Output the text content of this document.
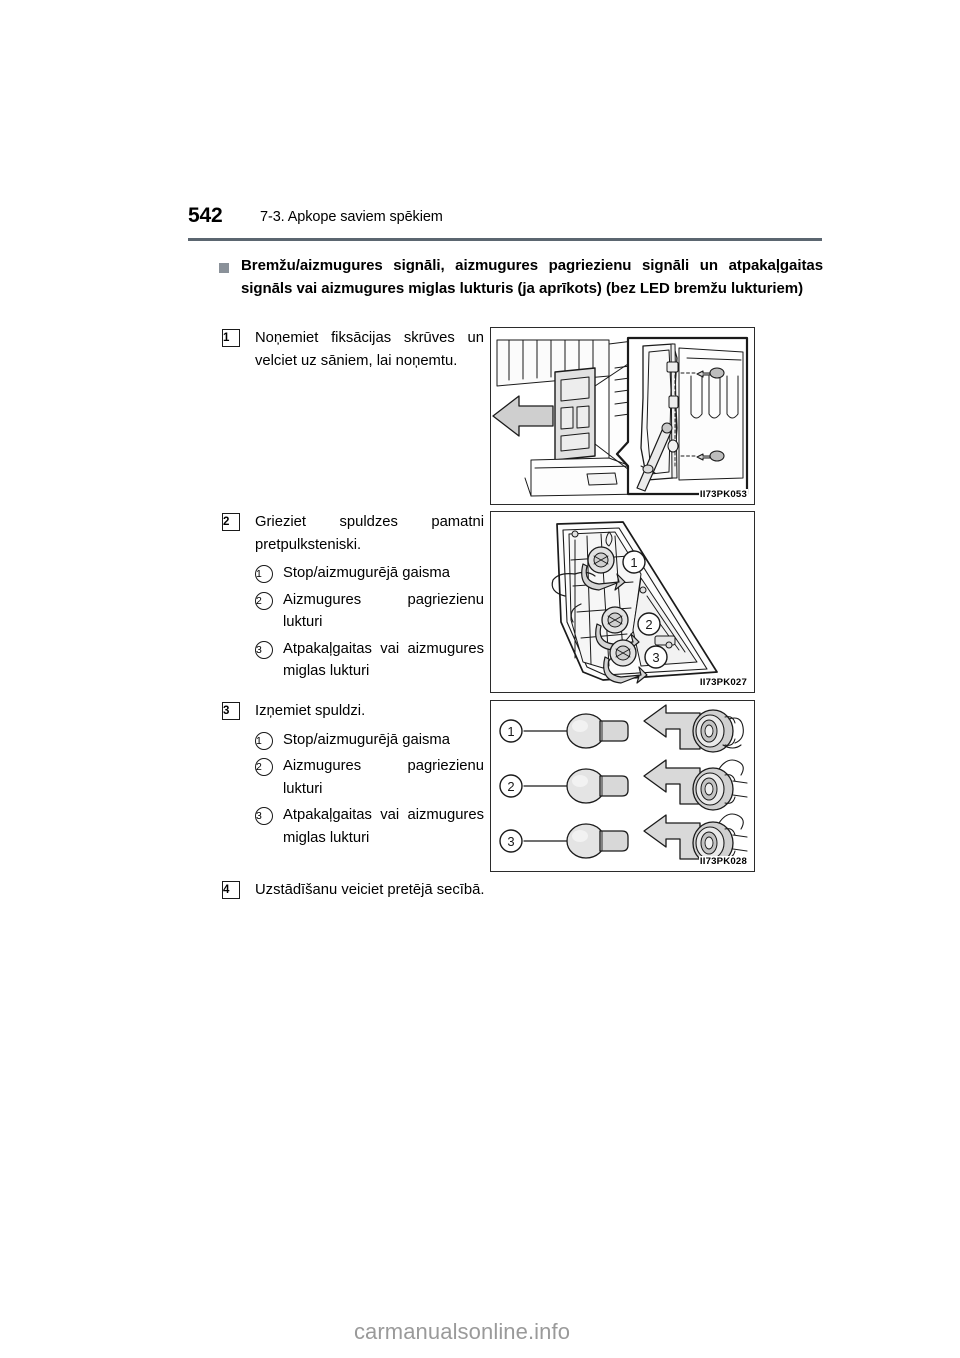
542	7-3. Apkope saviem spēkiem
Bremžu/aizmugures signāli, aizmugures pagriezienu signāli un atpakaļgaitas signāls vai aizmugures miglas lukturis (ja aprīkots) (bez LED bremžu lukturiem)
1	Noņemiet fiksācijas skrūves un velciet uz sāniem, lai noņemtu.
II73PK053
2	Grieziet spuldzes pamatni pretpulksteniski.
1	Stop/aizmugurējā gaisma
2	Aizmugures pagriezienu lukturi
3	Atpakaļgaitas vai aizmugures miglas lukturi
1
2
3
II73PK027
3	Izņemiet spuldzi.
1	Stop/aizmugurējā gaisma
2	Aizmugures pagriezienu lukturi
3	Atpakaļgaitas vai aizmugures miglas lukturi
1
2
3
II73PK028
4	Uzstādīšanu veiciet pretējā secībā.
carmanualsonline.info
